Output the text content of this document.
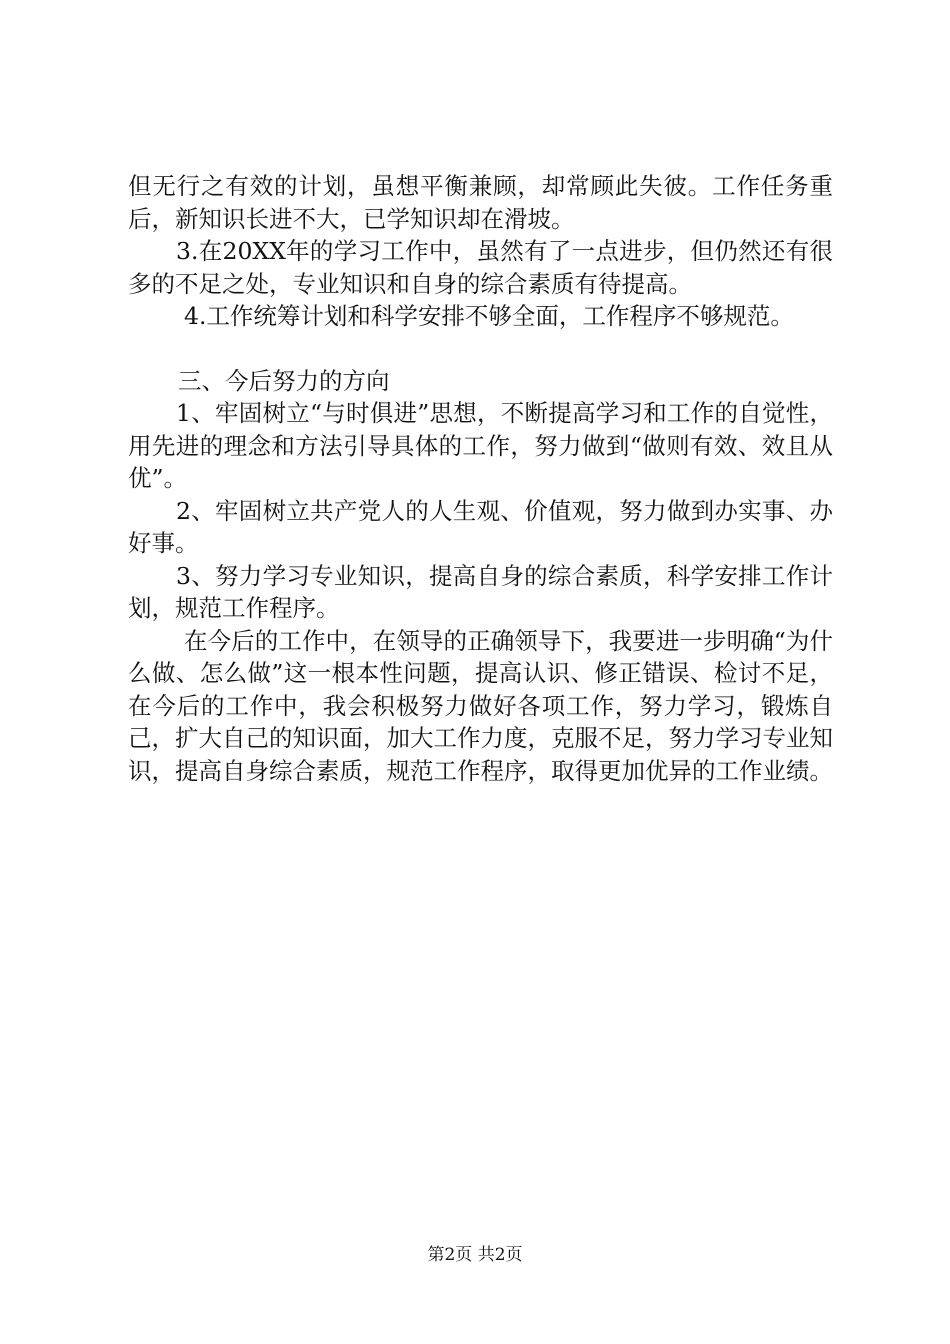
但无行之有效的计划，虽想平衡兼顾，却常顾此失彼。工作任务重后，新知识长进不大，已学知识却在滑坡。

3.在20XX年的学习工作中，虽然有了一点进步，但仍然还有很多的不足之处，专业知识和自身的综合素质有待提高。

4.工作统筹计划和科学安排不够全面，工作程序不够规范。

三、今后努力的方向

1、牢固树立“与时俱进”思想，不断提高学习和工作的自觉性，用先进的理念和方法引导具体的工作，努力做到“做则有效、效且从优”。

2、牢固树立共产党人的人生观、价值观，努力做到办实事、办好事。

3、努力学习专业知识，提高自身的综合素质，科学安排工作计划，规范工作程序。

在今后的工作中，在领导的正确领导下，我要进一步明确“为什么做、怎么做”这一根本性问题，提高认识、修正错误、检讨不足，在今后的工作中，我会积极努力做好各项工作，努力学习，锻炼自己，扩大自己的知识面，加大工作力度，克服不足，努力学习专业知识，提高自身综合素质，规范工作程序，取得更加优异的工作业绩。

第2页 共2页
